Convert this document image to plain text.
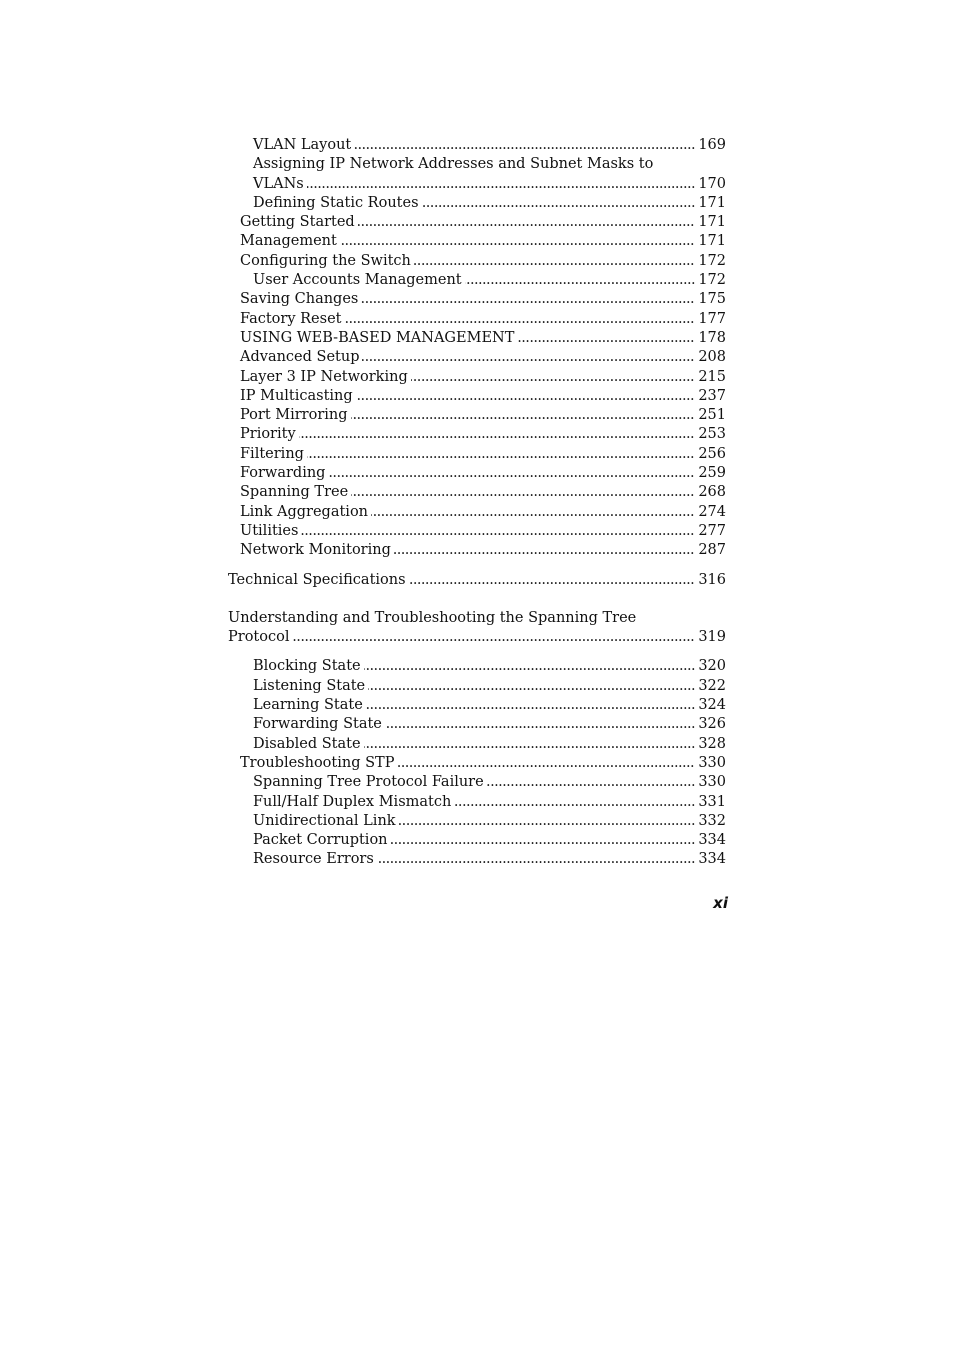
. . . VLAN Layout	169
Assigning IP Network Addresses and Subnet Masks to
. . . VLANs	170
. . . Defining Static Routes	171
. . . Getting Started	171
. . . Management	171
. . . Configuring the Switch	172
. . . User Accounts Management	172
. . . Saving Changes	175
. . . Factory Reset	177
. . . USING WEB-BASED MANAGEMENT	178
. . . Advanced Setup	208
. . . Layer 3 IP Networking	215
. . . IP Multicasting	237
. . . Port Mirroring	251
. . . Priority	253
. . . Filtering	256
. . . Forwarding	259
. . . Spanning Tree	268
. . . Link Aggregation	274
. . . Utilities	277
. . . Network Monitoring	287
. . . Technical Specifications	316
Understanding and Troubleshooting the Spanning Tree
. . . Protocol	319
. . . Blocking State	320
. . . Listening State	322
. . . Learning State	324
. . . Forwarding State	326
. . . Disabled State	328
. . . Troubleshooting STP	330
. . . Spanning Tree Protocol Failure	330
. . . Full/Half Duplex Mismatch	331
. . . Unidirectional Link	332
. . . Packet Corruption	334
. . . Resource Errors	334
xi
